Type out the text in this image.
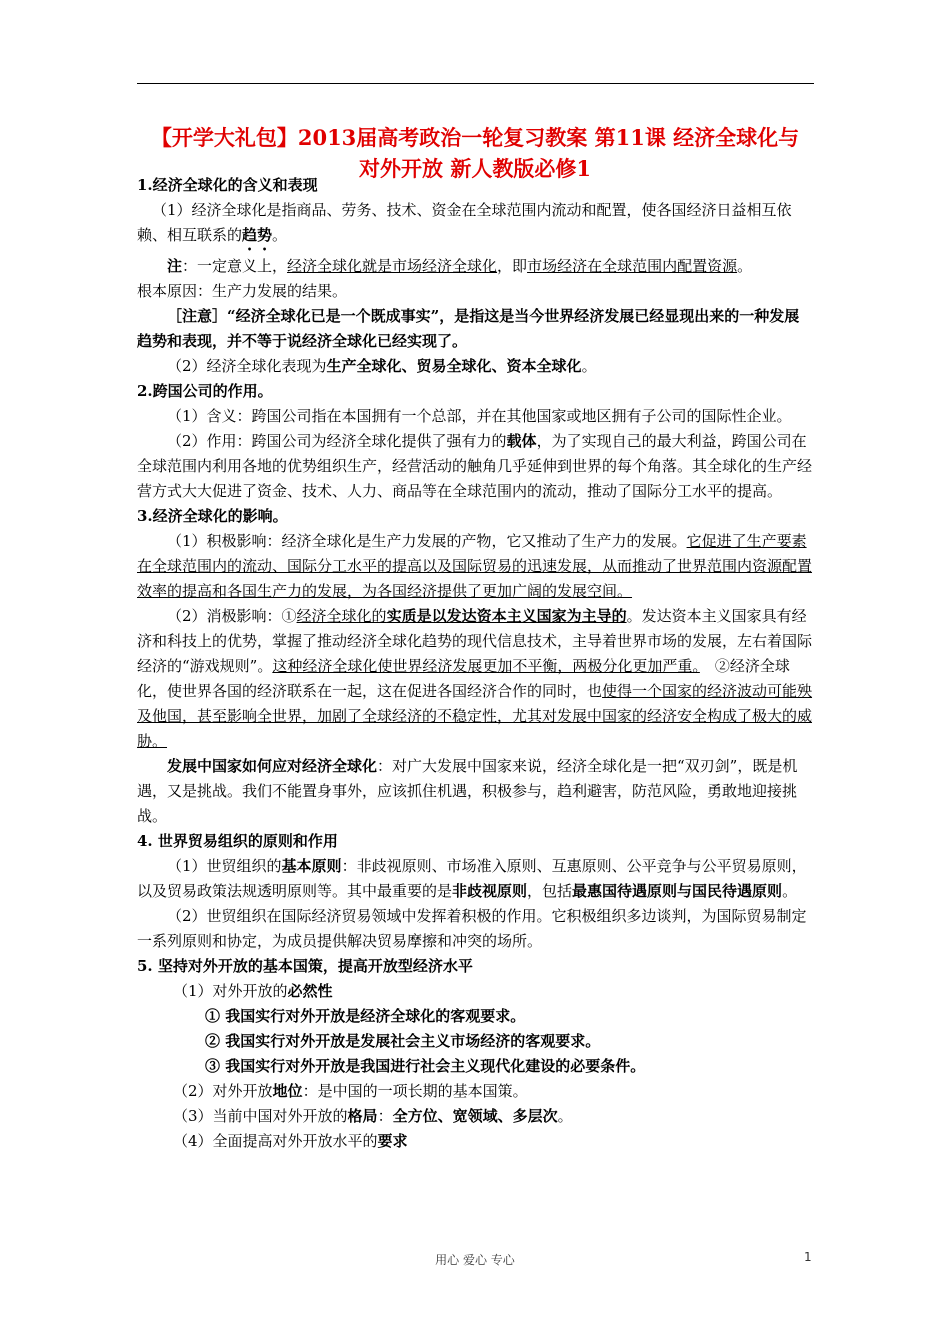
【开学大礼包】2013届高考政治一轮复习教案 第11课 经济全球化与
对外开放 新人教版必修1

1.经济全球化的含义和表现

（1）经济全球化是指商品、劳务、技术、资金在全球范围内流动和配置，使各国经济日益相互依赖、相互联系的趋势。

注：一定意义上，经济全球化就是市场经济全球化，即市场经济在全球范围内配置资源。

根本原因：生产力发展的结果。

［注意］“经济全球化已是一个既成事实”，是指这是当今世界经济发展已经显现出来的一种发展趋势和表现，并不等于说经济全球化已经实现了。

（2）经济全球化表现为生产全球化、贸易全球化、资本全球化。

2.跨国公司的作用。

（1）含义：跨国公司指在本国拥有一个总部，并在其他国家或地区拥有子公司的国际性企业。

（2）作用：跨国公司为经济全球化提供了强有力的载体，为了实现自己的最大利益，跨国公司在全球范围内利用各地的优势组织生产，经营活动的触角几乎延伸到世界的每个角落。其全球化的生产经营方式大大促进了资金、技术、人力、商品等在全球范围内的流动，推动了国际分工水平的提高。

3.经济全球化的影响。

（1）积极影响：经济全球化是生产力发展的产物，它又推动了生产力的发展。它促进了生产要素在全球范围内的流动、国际分工水平的提高以及国际贸易的迅速发展，从而推动了世界范围内资源配置效率的提高和各国生产力的发展，为各国经济提供了更加广阔的发展空间。

（2）消极影响：①经济全球化的实质是以发达资本主义国家为主导的。发达资本主义国家具有经济和科技上的优势，掌握了推动经济全球化趋势的现代信息技术，主导着世界市场的发展，左右着国际经济的“游戏规则”。这种经济全球化使世界经济发展更加不平衡，两极分化更加严重。　②经济全球化，使世界各国的经济联系在一起，这在促进各国经济合作的同时，也使得一个国家的经济波动可能殃及他国，甚至影响全世界，加剧了全球经济的不稳定性，尤其对发展中国家的经济安全构成了极大的威胁。

发展中国家如何应对经济全球化：对广大发展中国家来说，经济全球化是一把“双刃剑”，既是机遇，又是挑战。我们不能置身事外，应该抓住机遇，积极参与，趋利避害，防范风险，勇敢地迎接挑战。

4. 世界贸易组织的原则和作用

（1）世贸组织的基本原则：非歧视原则、市场准入原则、互惠原则、公平竞争与公平贸易原则，以及贸易政策法规透明原则等。其中最重要的是非歧视原则，包括最惠国待遇原则与国民待遇原则。

（2）世贸组织在国际经济贸易领域中发挥着积极的作用。它积极组织多边谈判，为国际贸易制定一系列原则和协定，为成员提供解决贸易摩擦和冲突的场所。

5. 坚持对外开放的基本国策，提高开放型经济水平

（1）对外开放的必然性

① 我国实行对外开放是经济全球化的客观要求。

② 我国实行对外开放是发展社会主义市场经济的客观要求。

③ 我国实行对外开放是我国进行社会主义现代化建设的必要条件。

（2）对外开放地位：是中国的一项长期的基本国策。

（3）当前中国对外开放的格局：全方位、宽领域、多层次。

（4）全面提高对外开放水平的要求

用心 爱心 专心	1
